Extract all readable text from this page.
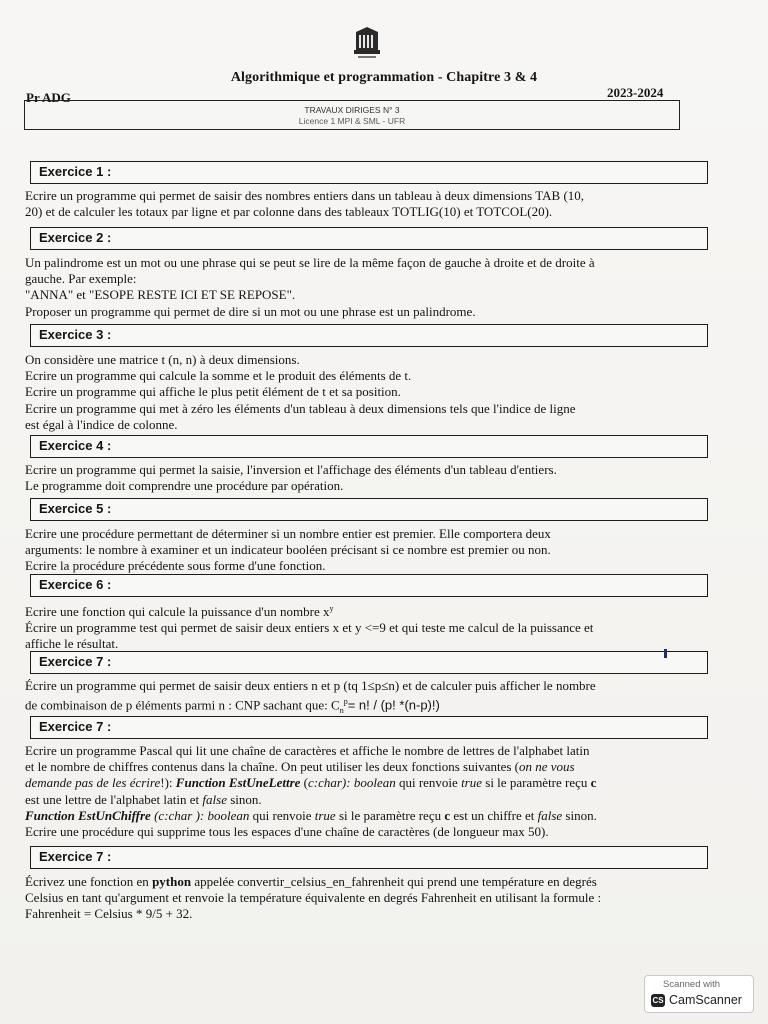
Algorithmique et programmation - Chapitre 3 & 4
Pr ADG	2023-2024
TRAVAUX DIRIGES N° 3
Licence 1 MPI & SML - UFR
Exercice 1 :

Ecrire un programme qui permet de saisir des nombres entiers dans un tableau à deux dimensions TAB (10,

20) et de calculer les totaux par ligne et par colonne dans des tableaux TOTLIG(10) et TOTCOL(20).

Exercice 2 :

Un palindrome est un mot ou une phrase qui se peut se lire de la même façon de gauche à droite et de droite à

gauche. Par exemple:

"ANNA" et "ESOPE RESTE ICI ET SE REPOSE".

Proposer un programme qui permet de dire si un mot ou une phrase est un palindrome.

Exercice 3 :

On considère une matrice t (n, n) à deux dimensions.

Ecrire un programme qui calcule la somme et le produit des éléments de t.

Ecrire un programme qui affiche le plus petit élément de t et sa position.

Ecrire un programme qui met à zéro les éléments d'un tableau à deux dimensions tels que l'indice de ligne

est égal à l'indice de colonne.

Exercice 4 :

Ecrire un programme qui permet la saisie, l'inversion et l'affichage des éléments d'un tableau d'entiers.

Le programme doit comprendre une procédure par opération.

Exercice 5 :

Ecrire une procédure permettant de déterminer si un nombre entier est premier. Elle comportera deux

arguments: le nombre à examiner et un indicateur booléen précisant si ce nombre est premier ou non.

Ecrire la procédure précédente sous forme d'une fonction.

Exercice 6 :

Ecrire une fonction qui calcule la puissance d'un nombre $x^y$

Écrire un programme test qui permet de saisir deux entiers x et y <=9 et qui teste me calcul de la puissance et

affiche le résultat.

Exercice 7 :

Écrire un programme qui permet de saisir deux entiers n et p (tq 1≤p≤n) et de calculer puis afficher le nombre

de combinaison de p éléments parmi n : CNP sachant que: $C_n^p= n$! / (p! *(n-p)!)

Exercice 7 :

Ecrire un programme Pascal qui lit une chaîne de caractères et affiche le nombre de lettres de l'alphabet latin

et le nombre de chiffres contenus dans la chaîne. On peut utiliser les deux fonctions suivantes (on ne vous

demande pas de les écrire!): Function EstUneLettre (c:char): boolean qui renvoie true si le paramètre reçu c

est une lettre de l'alphabet latin et false sinon.

Function EstUnChiffre (c:char ): boolean qui renvoie true si le paramètre reçu c est un chiffre et false sinon.

Ecrire une procédure qui supprime tous les espaces d'une chaîne de caractères (de longueur max 50).

Exercice 7 :

Écrivez une fonction en python appelée convertir_celsius_en_fahrenheit qui prend une température en degrés

Celsius en tant qu'argument et renvoie la température équivalente en degrés Fahrenheit en utilisant la formule :

Fahrenheit = Celsius * 9/5 + 32.

Scanned with
CS CamScanner
